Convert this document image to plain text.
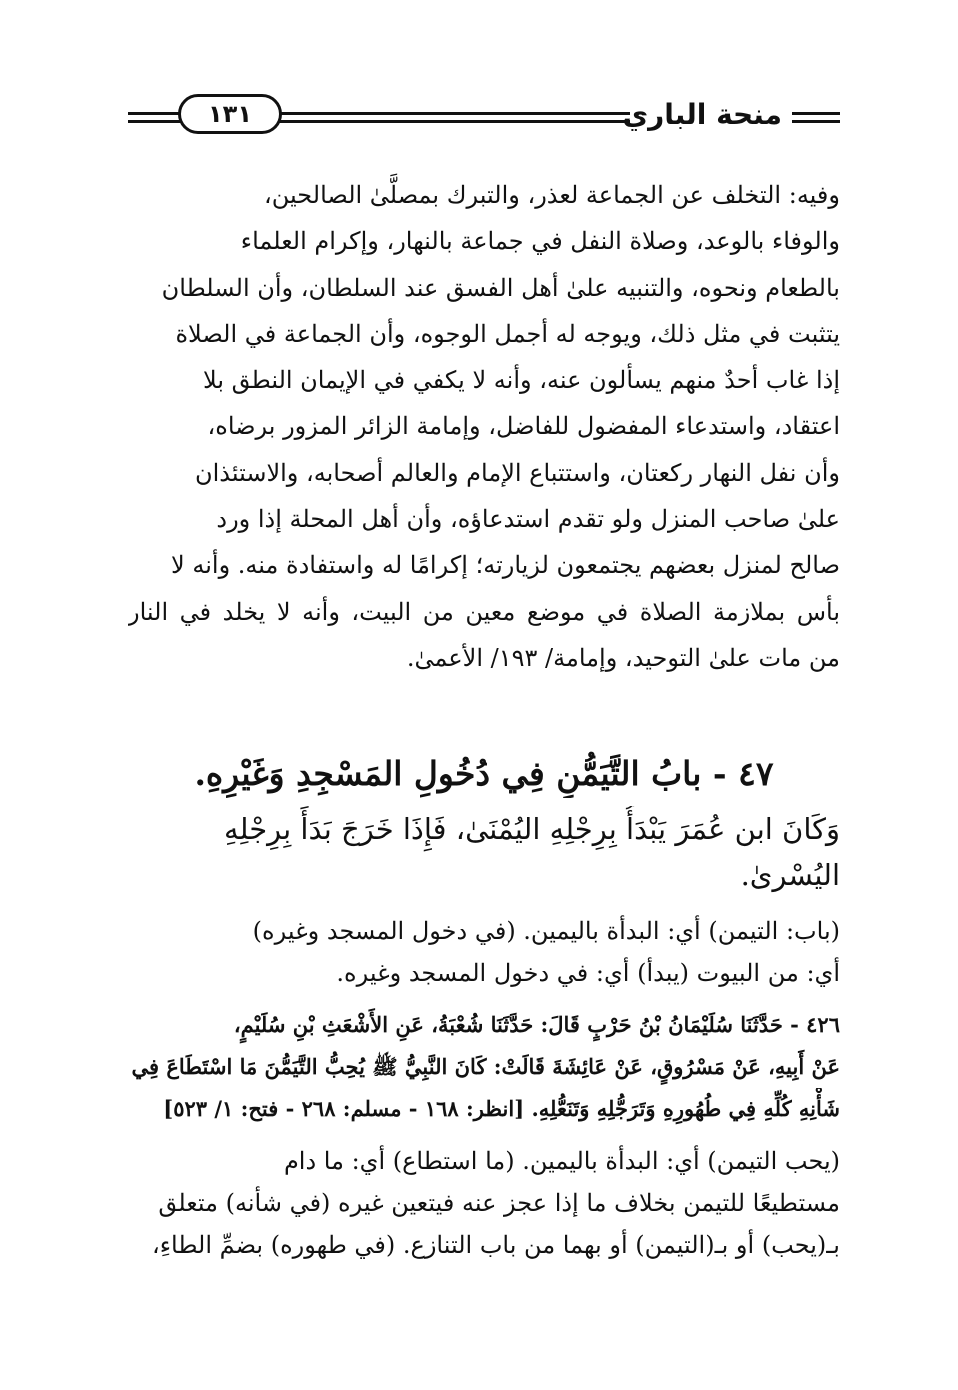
منحة الباري
١٣١

وفيه: التخلف عن الجماعة لعذر، والتبرك بمصلَّىٰ الصالحين،

والوفاء بالوعد، وصلاة النفل في جماعة بالنهار، وإكرام العلماء

بالطعام ونحوه، والتنبيه علىٰ أهل الفسق عند السلطان، وأن السلطان

يتثبت في مثل ذلك، ويوجه له أجمل الوجوه، وأن الجماعة في الصلاة

إذا غاب أحدٌ منهم يسألون عنه، وأنه لا يكفي في الإيمان النطق بلا

اعتقاد، واستدعاء المفضول للفاضل، وإمامة الزائر المزور برضاه،

وأن نفل النهار ركعتان، واستتباع الإمام والعالم أصحابه، والاستئذان

علىٰ صاحب المنزل ولو تقدم استدعاؤه، وأن أهل المحلة إذا ورد

صالح لمنزل بعضهم يجتمعون لزيارته؛ إكرامًا له واستفادة منه. وأنه لا

بأس بملازمة الصلاة في موضع معين من البيت، وأنه لا يخلد في النار

من مات علىٰ التوحيد، وإمامة/ ١٩٣/ الأعمىٰ.

٤٧ - بابُ التَّيَمُّنِ فِي دُخُولِ المَسْجِدِ وَغَيْرِهِ.

وَكَانَ ابن عُمَرَ يَبْدَأُ بِرِجْلِهِ اليُمْنَىٰ، فَإِذَا خَرَجَ بَدَأَ بِرِجْلِهِ

اليُسْرىٰ.

(باب: التيمن) أي: البدأة باليمين. (في دخول المسجد وغيره)

أي: من البيوت (يبدأ) أي: في دخول المسجد وغيره.

٤٢٦ - حَدَّثَنَا سُلَيْمَانُ بْنُ حَرْبٍ قَالَ: حَدَّثَنَا شُعْبَةُ، عَنِ الأَشْعَثِ بْنِ سُلَيْمٍ،

عَنْ أَبِيهِ، عَنْ مَسْرُوقٍ، عَنْ عَائِشَةَ قَالَتْ: كَانَ النَّبِيُّ ﷺ يُحِبُّ التَّيَمُّنَ مَا اسْتَطَاعَ فِي

شَأْنِهِ كُلِّهِ فِي طُهُورِهِ وَتَرَجُّلِهِ وَتَنَعُّلِهِ. [انظر: ١٦٨ - مسلم: ٢٦٨ - فتح: ١/ ٥٢٣]

(يحب التيمن) أي: البدأة باليمين. (ما استطاع) أي: ما دام

مستطيعًا للتيمن بخلاف ما إذا عجز عنه فيتعين غيره (في شأنه) متعلق

بـ(يحب) أو بـ(التيمن) أو بهما من باب التنازع. (في طهوره) بضمِّ الطاءِ،
